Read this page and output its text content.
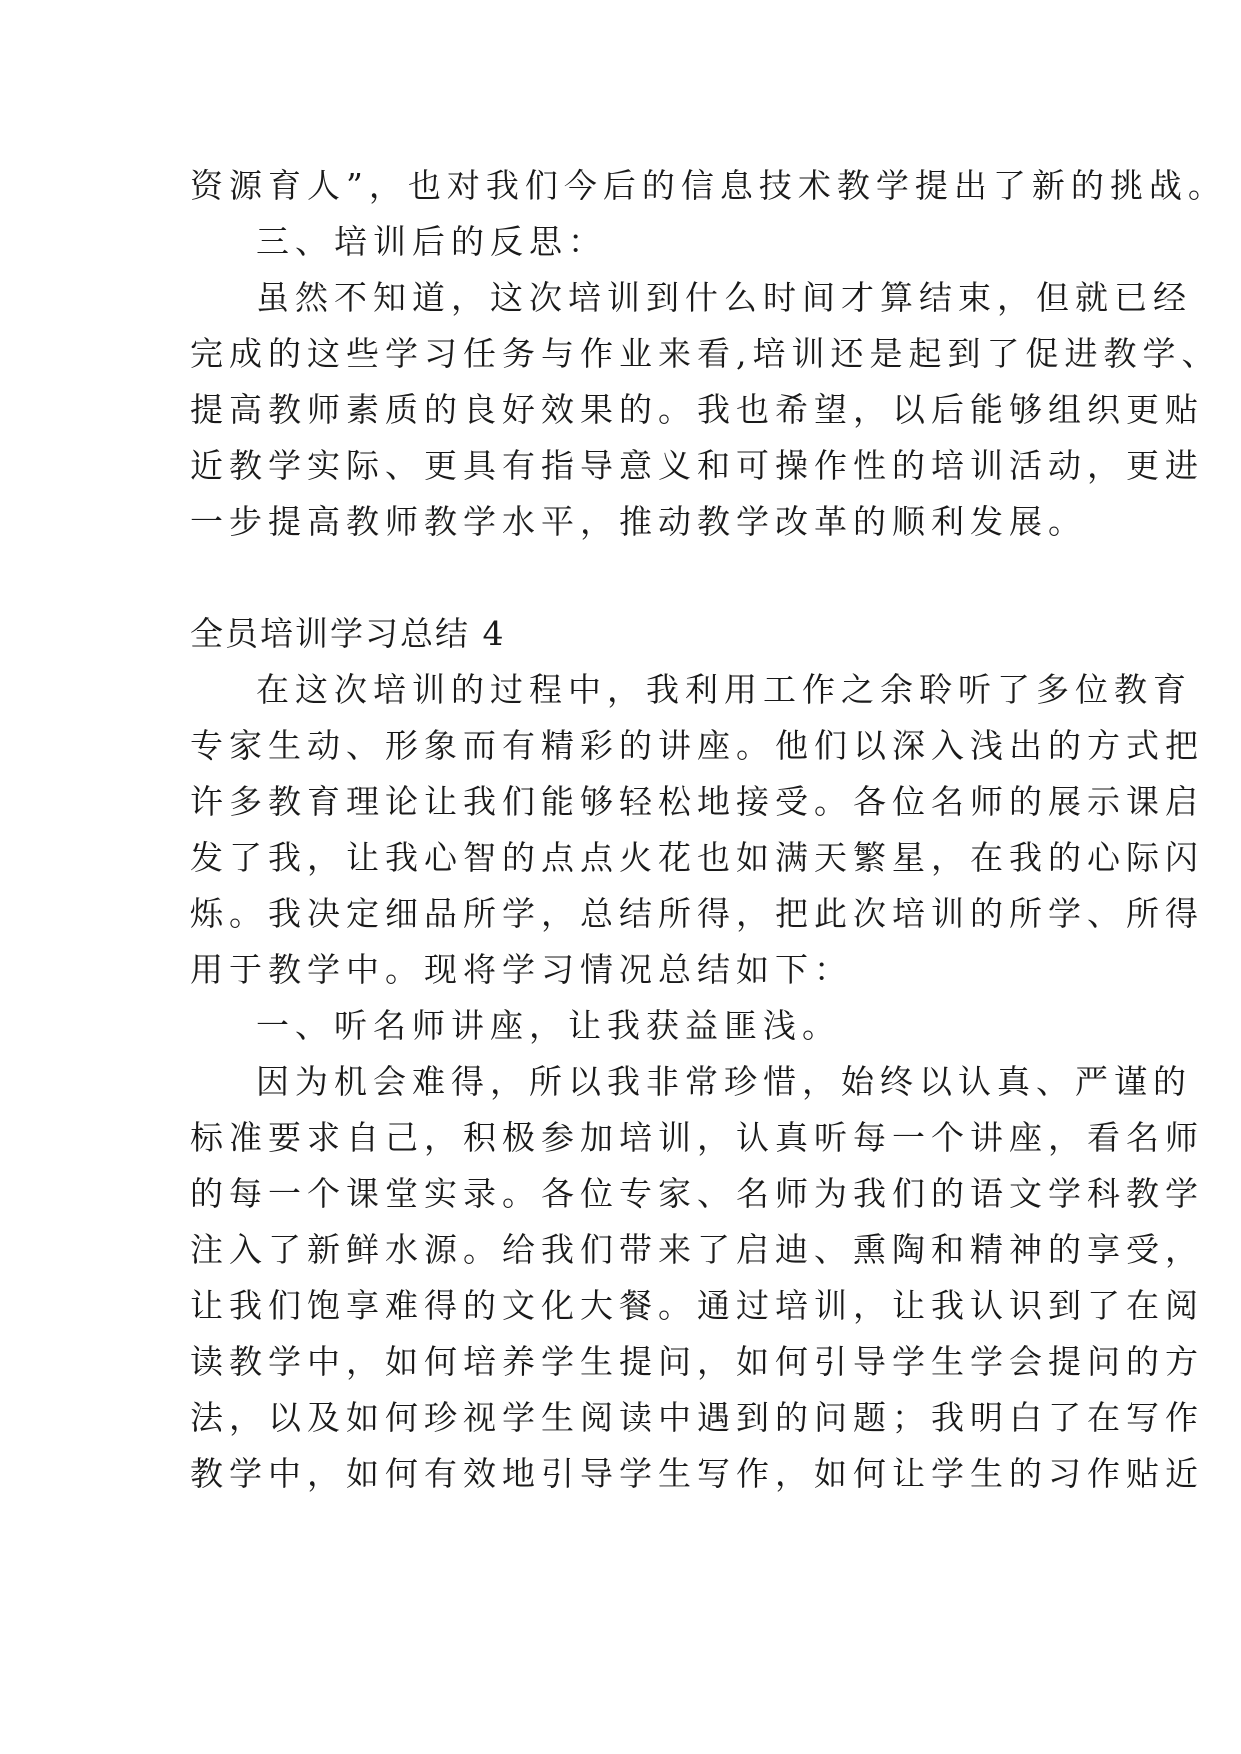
资源育人”，也对我们今后的信息技术教学提出了新的挑战。
三、培训后的反思：
虽然不知道，这次培训到什么时间才算结束，但就已经
完成的这些学习任务与作业来看,培训还是起到了促进教学、
提高教师素质的良好效果的。我也希望，以后能够组织更贴
近教学实际、更具有指导意义和可操作性的培训活动，更进
一步提高教师教学水平，推动教学改革的顺利发展。
全员培训学习总结 4
在这次培训的过程中，我利用工作之余聆听了多位教育
专家生动、形象而有精彩的讲座。他们以深入浅出的方式把
许多教育理论让我们能够轻松地接受。各位名师的展示课启
发了我，让我心智的点点火花也如满天繁星，在我的心际闪
烁。我决定细品所学，总结所得，把此次培训的所学、所得
用于教学中。现将学习情况总结如下：
一、听名师讲座，让我获益匪浅。
因为机会难得，所以我非常珍惜，始终以认真、严谨的
标准要求自己，积极参加培训，认真听每一个讲座，看名师
的每一个课堂实录。各位专家、名师为我们的语文学科教学
注入了新鲜水源。给我们带来了启迪、熏陶和精神的享受，
让我们饱享难得的文化大餐。通过培训，让我认识到了在阅
读教学中，如何培养学生提问，如何引导学生学会提问的方
法，以及如何珍视学生阅读中遇到的问题；我明白了在写作
教学中，如何有效地引导学生写作，如何让学生的习作贴近
